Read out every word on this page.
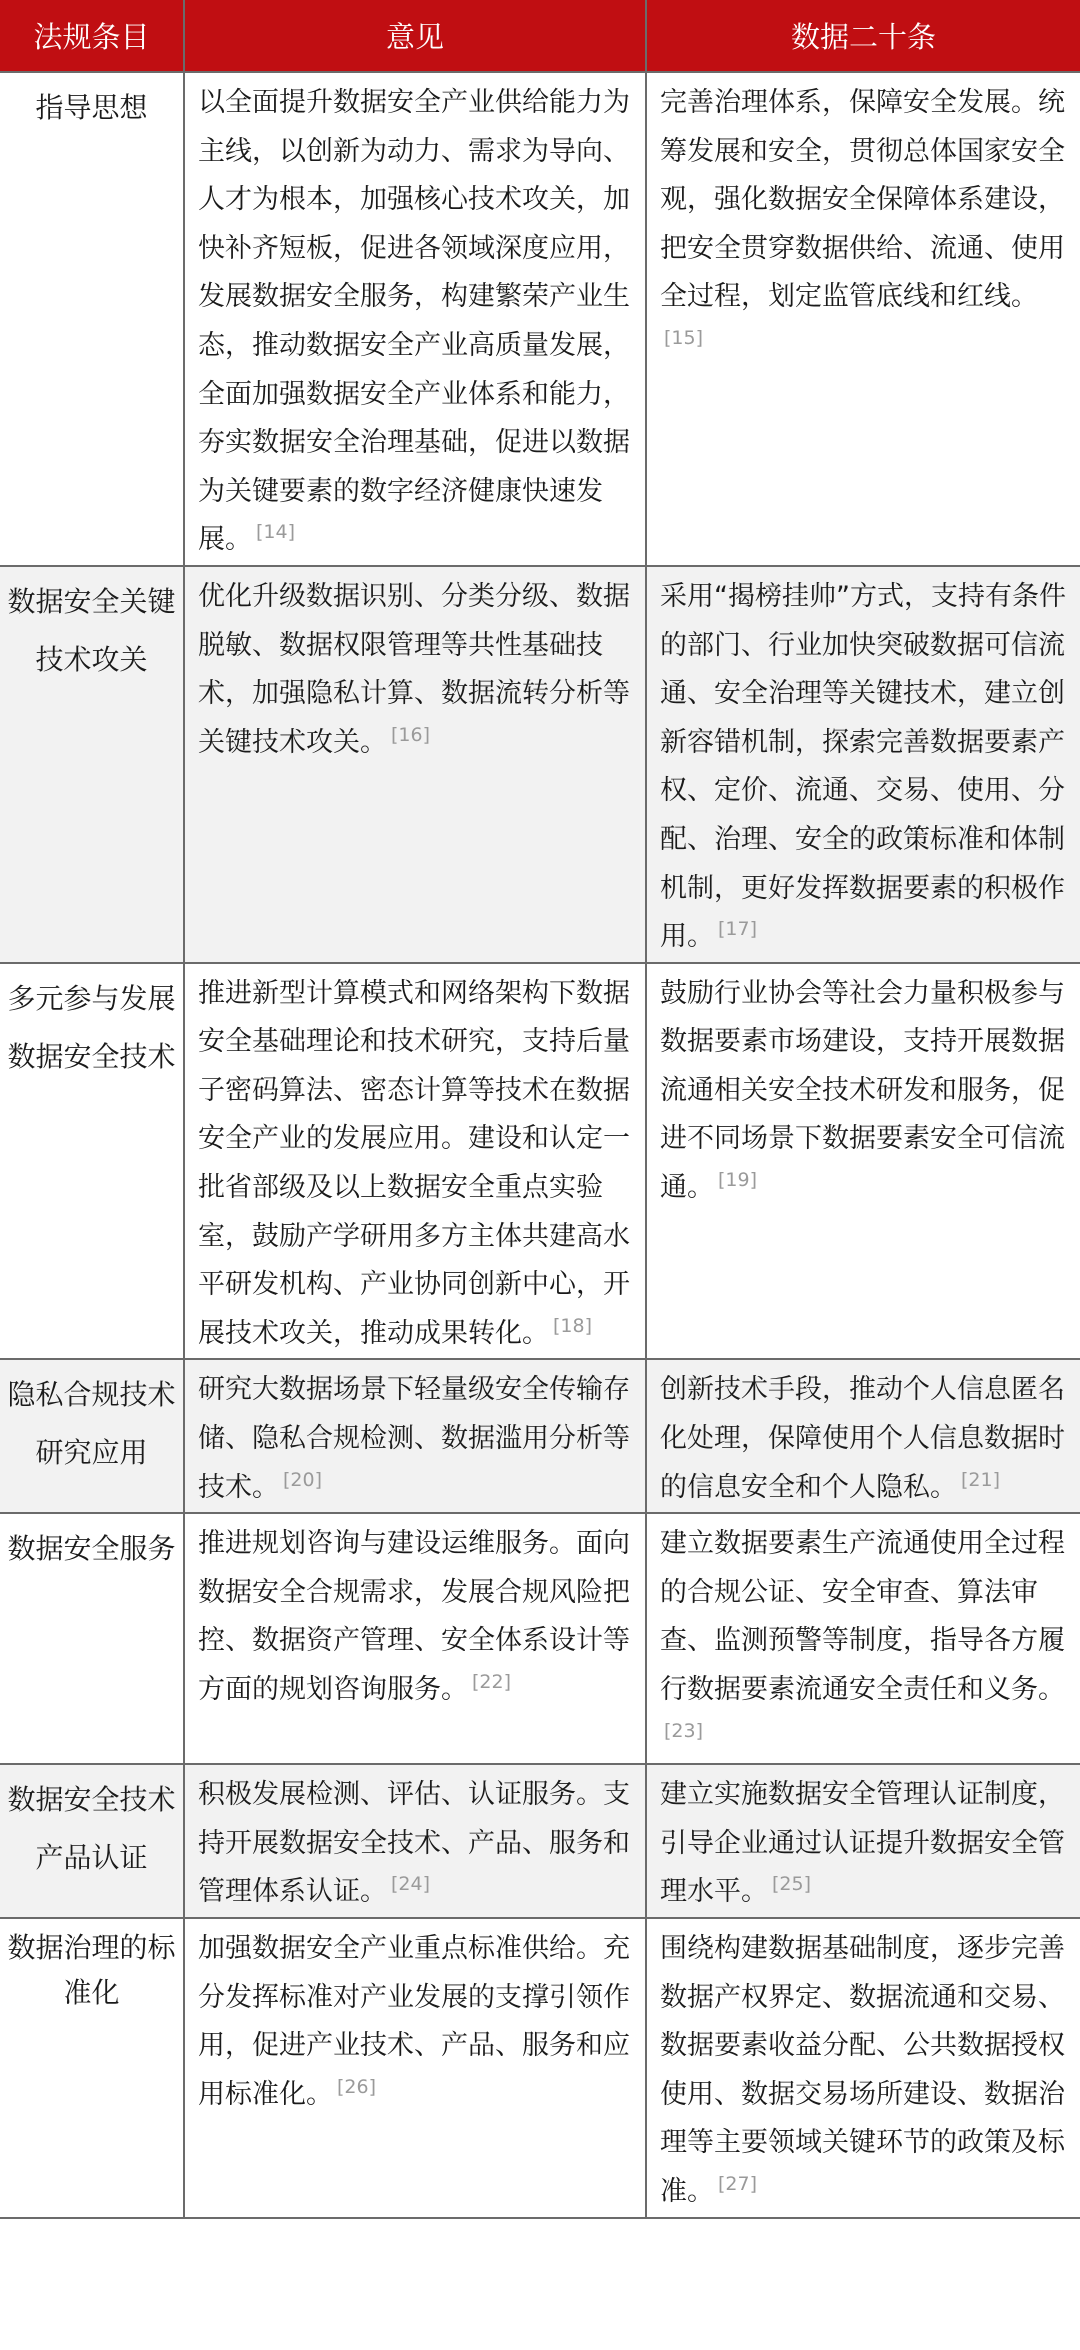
法规条目	意见	数据二十条
指导思想	以全面提升数据安全产业供给能力为主线，以创新为动力、需求为导向、人才为根本，加强核心技术攻关，加快补齐短板，促进各领域深度应用，发展数据安全服务，构建繁荣产业生态，推动数据安全产业高质量发展，全面加强数据安全产业体系和能力，夯实数据安全治理基础，促进以数据为关键要素的数字经济健康快速发展。 [14]	完善治理体系，保障安全发展。统筹发展和安全，贯彻总体国家安全观，强化数据安全保障体系建设，把安全贯穿数据供给、流通、使用全过程，划定监管底线和红线。[15]
数据安全关键技术攻关	优化升级数据识别、分类分级、数据脱敏、数据权限管理等共性基础技术，加强隐私计算、数据流转分析等关键技术攻关。 [16]	采用“揭榜挂帅”方式，支持有条件的部门、行业加快突破数据可信流通、安全治理等关键技术，建立创新容错机制，探索完善数据要素产权、定价、流通、交易、使用、分配、治理、安全的政策标准和体制机制，更好发挥数据要素的积极作用。 [17]
多元参与发展数据安全技术	推进新型计算模式和网络架构下数据安全基础理论和技术研究，支持后量子密码算法、密态计算等技术在数据安全产业的发展应用。建设和认定一批省部级及以上数据安全重点实验室，鼓励产学研用多方主体共建高水平研发机构、产业协同创新中心，开展技术攻关，推动成果转化。 [18]	鼓励行业协会等社会力量积极参与数据要素市场建设，支持开展数据流通相关安全技术研发和服务，促进不同场景下数据要素安全可信流通。 [19]
隐私合规技术研究应用	研究大数据场景下轻量级安全传输存储、隐私合规检测、数据滥用分析等技术。 [20]	创新技术手段，推动个人信息匿名化处理，保障使用个人信息数据时的信息安全和个人隐私。 [21]
数据安全服务	推进规划咨询与建设运维服务。面向数据安全合规需求，发展合规风险把控、数据资产管理、安全体系设计等方面的规划咨询服务。 [22]	建立数据要素生产流通使用全过程的合规公证、安全审查、算法审查、监测预警等制度，指导各方履行数据要素流通安全责任和义务。[23]
数据安全技术产品认证	积极发展检测、评估、认证服务。支持开展数据安全技术、产品、服务和管理体系认证。 [24]	建立实施数据安全管理认证制度，引导企业通过认证提升数据安全管理水平。 [25]
数据治理的标准化	加强数据安全产业重点标准供给。充分发挥标准对产业发展的支撑引领作用，促进产业技术、产品、服务和应用标准化。 [26]	围绕构建数据基础制度，逐步完善数据产权界定、数据流通和交易、数据要素收益分配、公共数据授权使用、数据交易场所建设、数据治理等主要领域关键环节的政策及标准。 [27]
